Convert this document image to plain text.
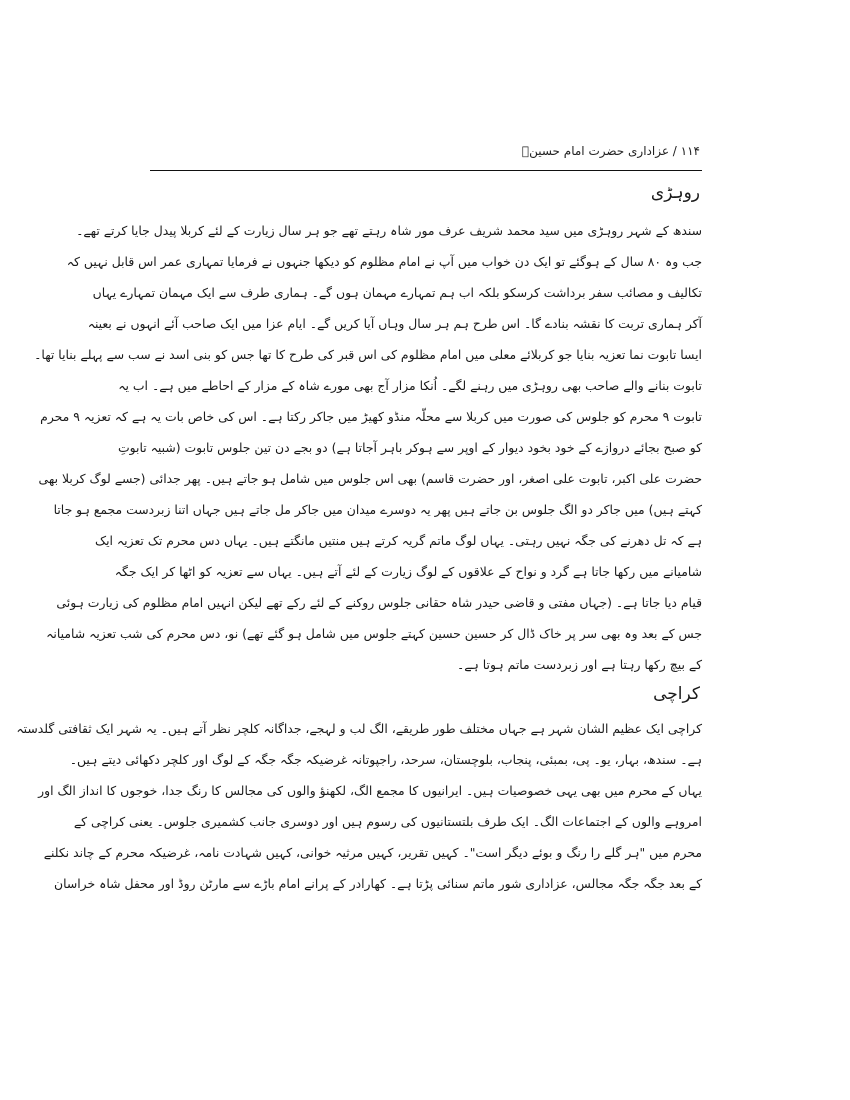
۱۱۴ / عزاداری حضرت امام حسینؑ
روہڑی
سندھ کے شہر روہڑی میں سید محمد شریف عرف مور شاہ رہتے تھے جو ہر سال زیارت کے لئے کربلا پیدل جایا کرتے تھے۔
جب وہ ۸۰ سال کے ہوگئے تو ایک دن خواب میں آپ نے امام مظلوم کو دیکھا جنہوں نے فرمایا تمہاری عمر اس قابل نہیں کہ
تکالیف و مصائب سفر برداشت کرسکو بلکہ اب ہم تمہارے مہمان ہوں گے۔ ہماری طرف سے ایک مہمان تمہارے یہاں
آکر ہماری تربت کا نقشہ بنادے گا۔ اس طرح ہم ہر سال وہاں آیا کریں گے۔ ایام عزا میں ایک صاحب آئے انہوں نے بعینہ
ایسا تابوت نما تعزیہ بنایا جو کربلائے معلی میں امام مظلوم کی اس قبر کی طرح کا تھا جس کو بنی اسد نے سب سے پہلے بنایا تھا۔
تابوت بنانے والے صاحب بھی روہڑی میں رہنے لگے۔ اُنکا مزار آج بھی مورے شاہ کے مزار کے احاطے میں ہے۔ اب یہ
تابوت ۹ محرم کو جلوس کی صورت میں کربلا سے محلّہ منڈو کھیڑ میں جاکر رکتا ہے۔ اس کی خاص بات یہ ہے کہ تعزیہ ۹ محرم
کو صبح بجائے دروازے کے خود بخود دیوار کے اوپر سے ہوکر باہر آجاتا ہے) دو بجے دن تین جلوس تابوت (شبیہ تابوتِ
حضرت علی اکبر، تابوت علی اصغر، اور حضرت قاسم) بھی اس جلوس میں شامل ہو جاتے ہیں۔ پھر جدائی (جسے لوگ کربلا بھی
کہتے ہیں) میں جاکر دو الگ جلوس بن جاتے ہیں پھر یہ دوسرے میدان میں جاکر مل جاتے ہیں جہاں اتنا زبردست مجمع ہو جاتا
ہے کہ تل دھرنے کی جگہ نہیں رہتی۔ یہاں لوگ ماتم گریہ کرتے ہیں منتیں مانگتے ہیں۔ یہاں دس محرم تک تعزیہ ایک
شامیانے میں رکھا جاتا ہے گرد و نواح کے علاقوں کے لوگ زیارت کے لئے آتے ہیں۔ یہاں سے تعزیہ کو اٹھا کر ایک جگہ
قیام دیا جاتا ہے۔ (جہاں مفتی و قاضی حیدر شاہ حقانی جلوس روکنے کے لئے رکے تھے لیکن انہیں امام مظلوم کی زیارت ہوئی
جس کے بعد وہ بھی سر پر خاک ڈال کر حسین حسین کہتے جلوس میں شامل ہو گئے تھے) نو، دس محرم کی شب تعزیہ شامیانہ
کے بیچ رکھا رہتا ہے اور زبردست ماتم ہوتا ہے۔
کراچی
کراچی ایک عظیم الشان شہر ہے جہاں مختلف طور طریقے، الگ لب و لہجے، جداگانہ کلچر نظر آتے ہیں۔ یہ شہر ایک ثقافتی گلدستہ
ہے۔ سندھ، بہار، یو۔ پی، بمبئی، پنجاب، بلوچستان، سرحد، راجپوتانہ غرضیکہ جگہ جگہ کے لوگ اور کلچر دکھائی دیتے ہیں۔
یہاں کے محرم میں بھی یہی خصوصیات ہیں۔ ایرانیوں کا مجمع الگ، لکھنؤ والوں کی مجالس کا رنگ جدا، خوجوں کا انداز الگ اور
امروہے والوں کے اجتماعات الگ۔ ایک طرف بلتستانیوں کی رسوم ہیں اور دوسری جانب کشمیری جلوس۔ یعنی کراچی کے
محرم میں "ہر گلے را رنگ و بوئے دیگر است"۔ کہیں تقریر، کہیں مرثیہ خوانی، کہیں شہادت نامہ، غرضیکہ محرم کے چاند نکلنے
کے بعد جگہ جگہ مجالس، عزاداری شور ماتم سنائی پڑتا ہے۔ کھارادر کے پرانے امام باڑے سے مارٹن روڈ اور محفل شاہ خراسان
